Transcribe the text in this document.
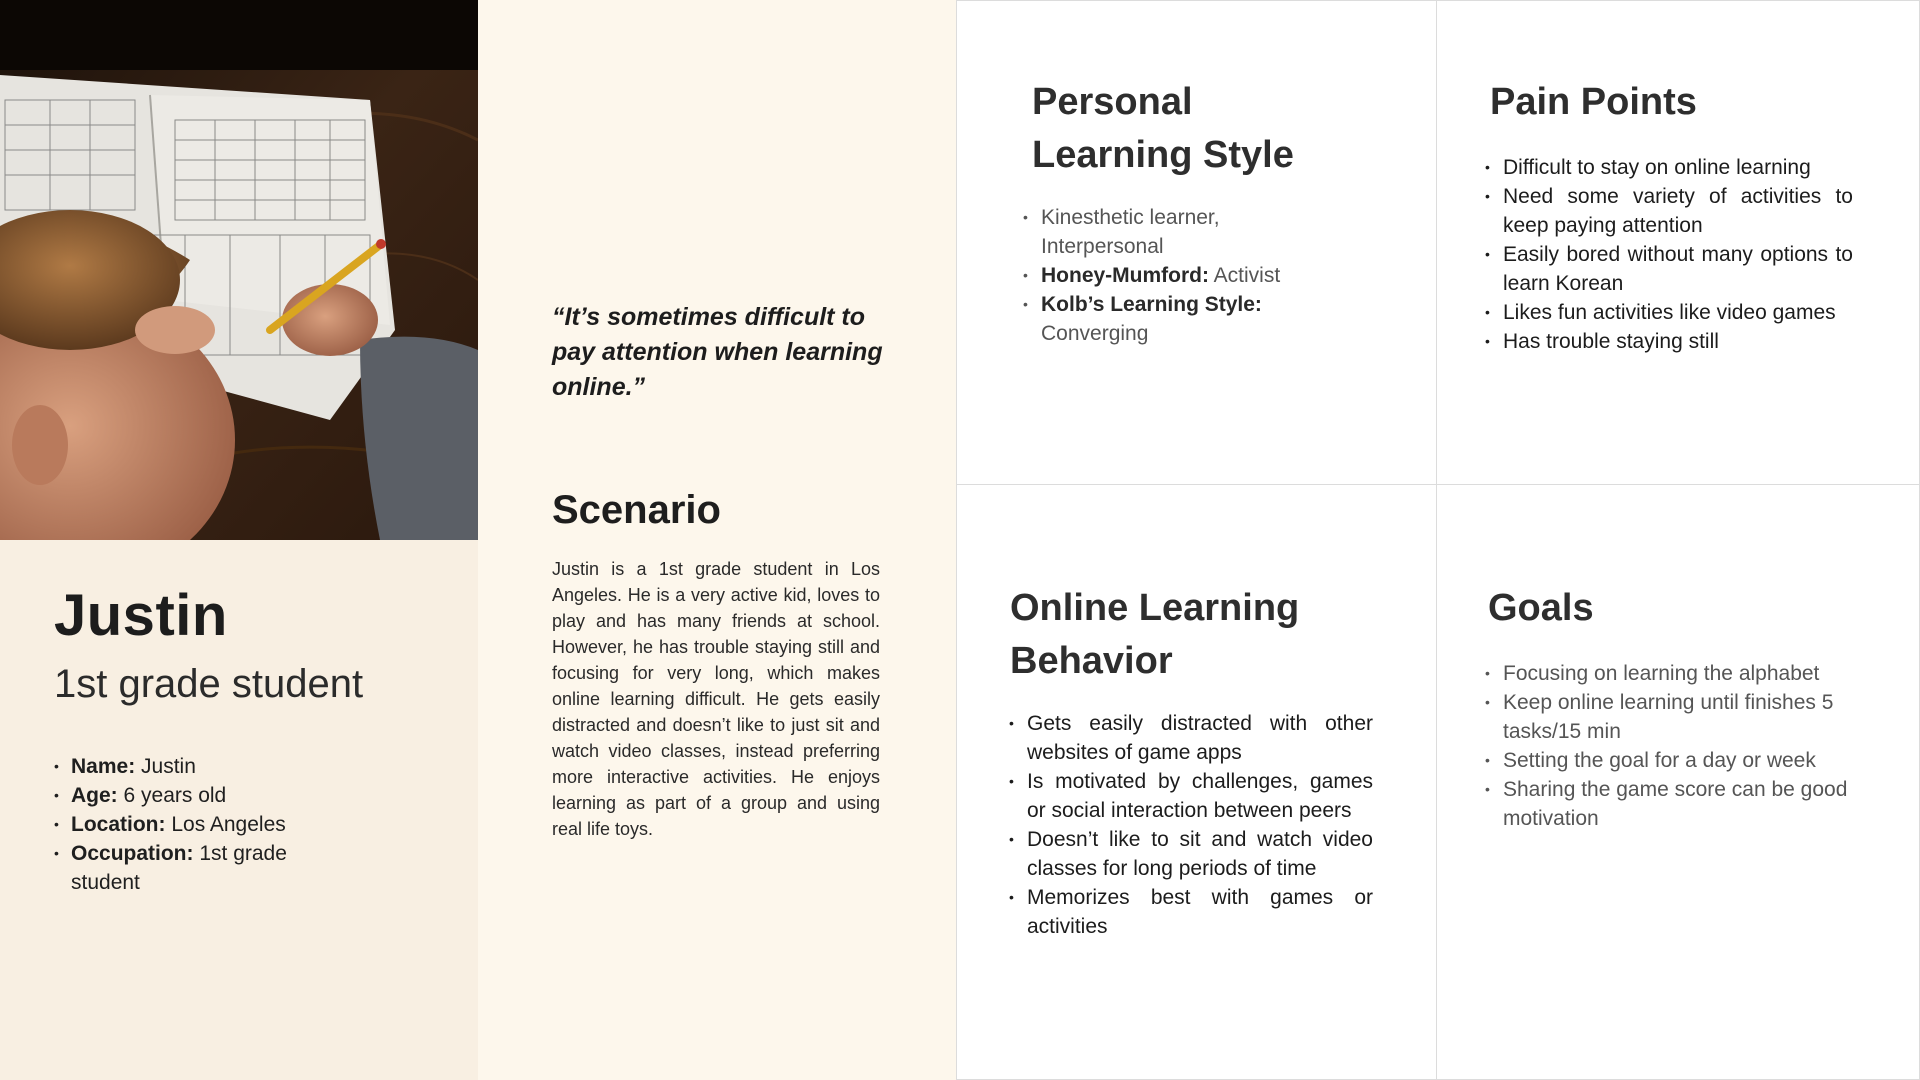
Justin
1st grade student
• Name: Justin
• Age: 6 years old
• Location: Los Angeles
• Occupation: 1st grade student
“It’s sometimes difficult to pay attention when learning online.”
Scenario
Justin is a 1st grade student in Los Angeles. He is a very active kid, loves to play and has many friends at school. However, he has trouble staying still and focusing for very long, which makes online learning difficult. He gets easily distracted and doesn’t like to just sit and watch video classes, instead preferring more interactive activities. He enjoys learning as part of a group and using real life toys.
Personal Learning Style
• Kinesthetic learner, Interpersonal
• Honey-Mumford: Activist
• Kolb’s Learning Style: Converging
Pain Points
• Difficult to stay on online learning
• Need some variety of activities to keep paying attention
• Easily bored without many options to learn Korean
• Likes fun activities like video games
• Has trouble staying still
Online Learning Behavior
• Gets easily distracted with other websites of game apps
• Is motivated by challenges, games or social interaction between peers
• Doesn’t like to sit and watch video classes for long periods of time
• Memorizes best with games or activities
Goals
• Focusing on learning the alphabet
• Keep online learning until finishes 5 tasks/15 min
• Setting the goal for a day or week
• Sharing the game score can be good motivation
